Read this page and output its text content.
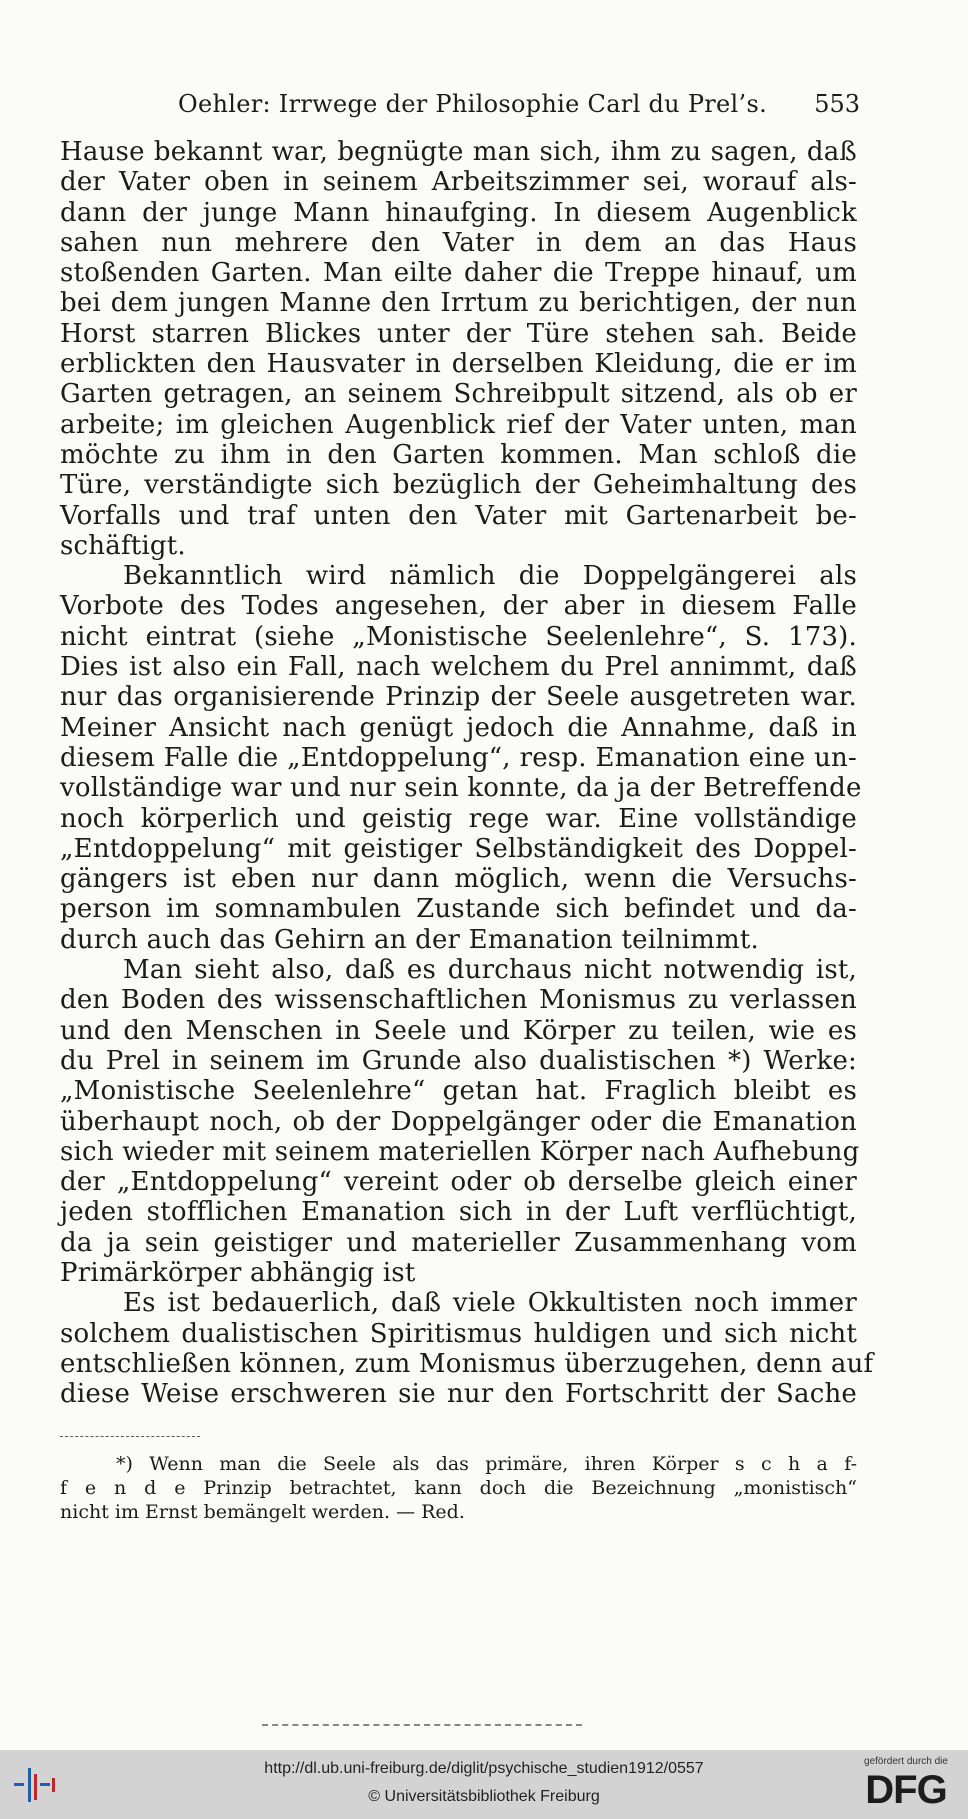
Oehler: Irrwege der Philosophie Carl du Prel’s. 553
Hause bekannt war, begnügte man sich, ihm zu sagen, daß
der Vater oben in seinem Arbeitszimmer sei, worauf als-
dann der junge Mann hinaufging. In diesem Augenblick
sahen nun mehrere den Vater in dem an das Haus
stoßenden Garten. Man eilte daher die Treppe hinauf, um
bei dem jungen Manne den Irrtum zu berichtigen, der nun
Horst starren Blickes unter der Türe stehen sah. Beide
erblickten den Hausvater in derselben Kleidung, die er im
Garten getragen, an seinem Schreibpult sitzend, als ob er
arbeite; im gleichen Augenblick rief der Vater unten, man
möchte zu ihm in den Garten kommen. Man schloß die
Türe, verständigte sich bezüglich der Geheimhaltung des
Vorfalls und traf unten den Vater mit Gartenarbeit be-
schäftigt.
Bekanntlich wird nämlich die Doppelgängerei als
Vorbote des Todes angesehen, der aber in diesem Falle
nicht eintrat (siehe „Monistische Seelenlehre“, S. 173).
Dies ist also ein Fall, nach welchem du Prel annimmt, daß
nur das organisierende Prinzip der Seele ausgetreten war.
Meiner Ansicht nach genügt jedoch die Annahme, daß in
diesem Falle die „Entdoppelung“, resp. Emanation eine un-
vollständige war und nur sein konnte, da ja der Betreffende
noch körperlich und geistig rege war. Eine vollständige
„Entdoppelung“ mit geistiger Selbständigkeit des Doppel-
gängers ist eben nur dann möglich, wenn die Versuchs-
person im somnambulen Zustande sich befindet und da-
durch auch das Gehirn an der Emanation teilnimmt.
Man sieht also, daß es durchaus nicht notwendig ist,
den Boden des wissenschaftlichen Monismus zu verlassen
und den Menschen in Seele und Körper zu teilen, wie es
du Prel in seinem im Grunde also dualistischen *) Werke:
„Monistische Seelenlehre“ getan hat. Fraglich bleibt es
überhaupt noch, ob der Doppelgänger oder die Emanation
sich wieder mit seinem materiellen Körper nach Aufhebung
der „Entdoppelung“ vereint oder ob derselbe gleich einer
jeden stofflichen Emanation sich in der Luft verflüchtigt,
da ja sein geistiger und materieller Zusammenhang vom
Primärkörper abhängig ist
Es ist bedauerlich, daß viele Okkultisten noch immer
solchem dualistischen Spiritismus huldigen und sich nicht
entschließen können, zum Monismus überzugehen, denn auf
diese Weise erschweren sie nur den Fortschritt der Sache
*) Wenn man die Seele als das primäre, ihren Körper s c h a f-
f e n d e Prinzip betrachtet, kann doch die Bezeichnung „monistisch“
nicht im Ernst bemängelt werden. — Red.
http://dl.ub.uni-freiburg.de/diglit/psychische_studien1912/0557
© Universitätsbibliothek Freiburg
gefördert durch die
DFG
